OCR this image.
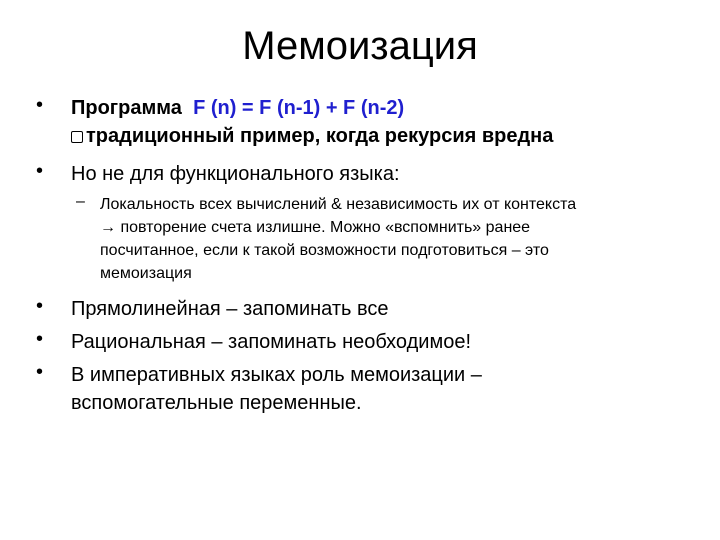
Мемоизация
• Программа F (n) = F (n-1) + F (n-2)
традиционный пример, когда рекурсия вредна
• Но не для функционального языка:
– Локальность всех вычислений & независимость их от контекста
→ повторение счета излишне. Можно «вспомнить» ранее
посчитанное, если к такой возможности подготовиться – это
мемоизация
• Прямолинейная – запоминать все
• Рациональная – запоминать необходимое!
• В императивных языках роль мемоизации –
вспомогательные переменные.
